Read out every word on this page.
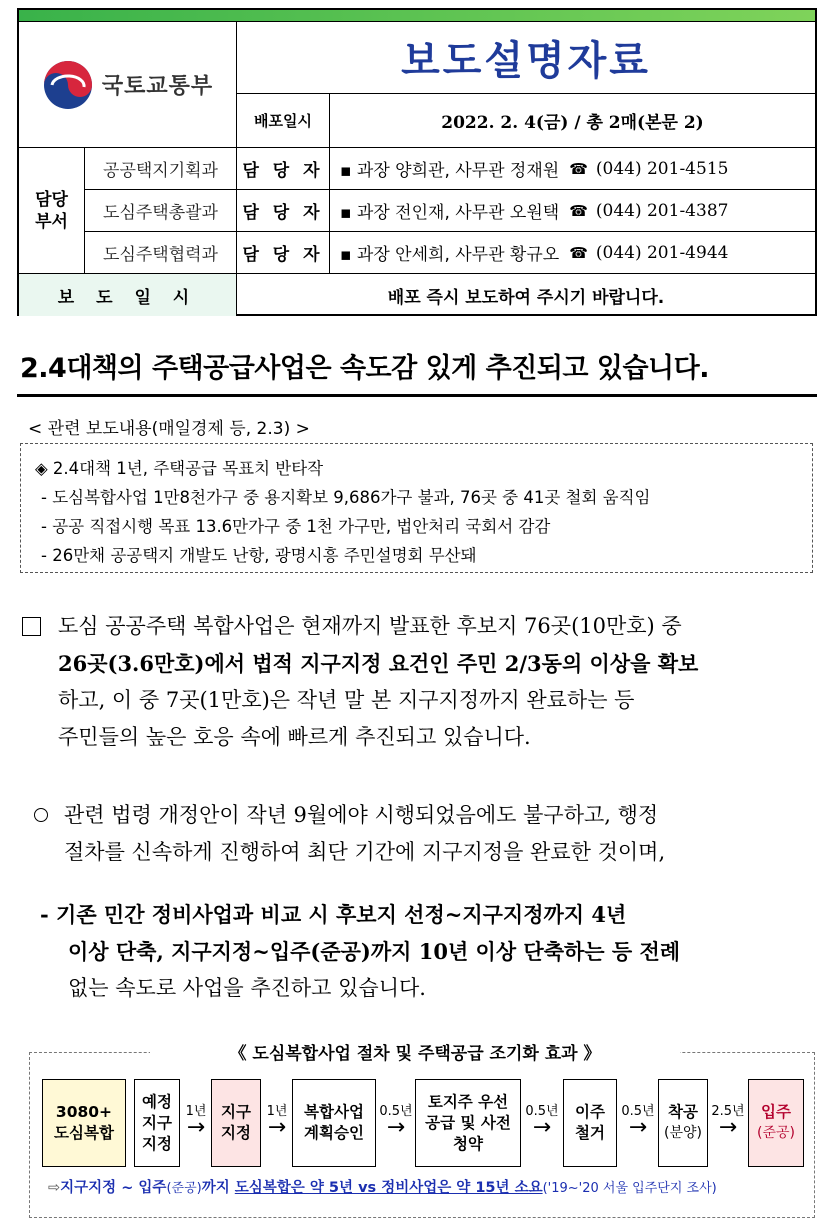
국토교통부
보도설명자료
배포일시	2022. 2. 4(금) / 총 2매(본문 2)
담당 부서
공공택지기획과	담 당 자 ▪ 과장 양희관, 사무관 정재원 ☎ (044) 201-4515
도심주택총괄과	담 당 자 ▪ 과장 전인재, 사무관 오원택 ☎ (044) 201-4387
도심주택협력과	담 당 자 ▪ 과장 안세희, 사무관 황규오 ☎ (044) 201-4944
보 도 일 시	배포 즉시 보도하여 주시기 바랍니다.
2.4대책의 주택공급사업은 속도감 있게 추진되고 있습니다.
< 관련 보도내용(매일경제 등, 2.3) >
◈ 2.4대책 1년, 주택공급 목표치 반타작
- 도심복합사업 1만8천가구 중 용지확보 9,686가구 불과, 76곳 중 41곳 철회 움직임
- 공공 직접시행 목표 13.6만가구 중 1천 가구만, 법안처리 국회서 감감
- 26만채 공공택지 개발도 난항, 광명시흥 주민설명회 무산돼
도심 공공주택 복합사업은 현재까지 발표한 후보지 76곳(10만호) 중
26곳(3.6만호)에서 법적 지구지정 요건인 주민 2/3동의 이상을 확보
하고, 이 중 7곳(1만호)은 작년 말 본 지구지정까지 완료하는 등
주민들의 높은 호응 속에 빠르게 추진되고 있습니다.
관련 법령 개정안이 작년 9월에야 시행되었음에도 불구하고, 행정
절차를 신속하게 진행하여 최단 기간에 지구지정을 완료한 것이며,
- 기존 민간 정비사업과 비교 시 후보지 선정~지구지정까지 4년
이상 단축, 지구지정~입주(준공)까지 10년 이상 단축하는 등 전례
없는 속도로 사업을 추진하고 있습니다.
《 도심복합사업 절차 및 주택공급 조기화 효과 》
3080+ 도심복합
예정 지구 지정
1년
→
지구 지정
1년
→
복합사업 계획승인
0.5년
→
토지주 우선 공급 및 사전청약
0.5년
→
이주 철거
0.5년
→
착공
(분양)
2.5년
→
입주
(준공)
⇨지구지정 ~ 입주(준공)까지 도심복합은 약 5년 vs 정비사업은 약 15년 소요('19~'20 서울 입주단지 조사)
